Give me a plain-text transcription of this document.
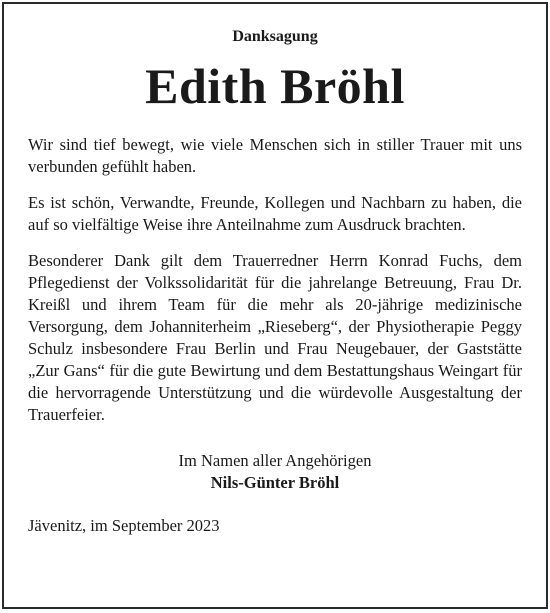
Danksagung
Edith Bröhl

Wir sind tief bewegt, wie viele Menschen sich in stiller Trauer mit uns verbunden gefühlt haben.

Es ist schön, Verwandte, Freunde, Kollegen und Nachbarn zu haben, die auf so vielfältige Weise ihre Anteilnahme zum Ausdruck brachten.

Besonderer Dank gilt dem Trauerredner Herrn Konrad Fuchs, dem Pflegedienst der Volkssolidarität für die jahrelange Betreuung, Frau Dr. Kreißl und ihrem Team für die mehr als 20-jährige medizinische Versorgung, dem Johanniterheim „Rieseberg“, der Physiotherapie Peggy Schulz insbesondere Frau Berlin und Frau Neugebauer, der Gaststätte „Zur Gans“ für die gute Bewirtung und dem Bestattungshaus Weingart für die hervorragende Unterstützung und die würdevolle Ausgestaltung der Trauerfeier.

Im Namen aller Angehörigen
Nils-Günter Bröhl
Jävenitz, im September 2023
